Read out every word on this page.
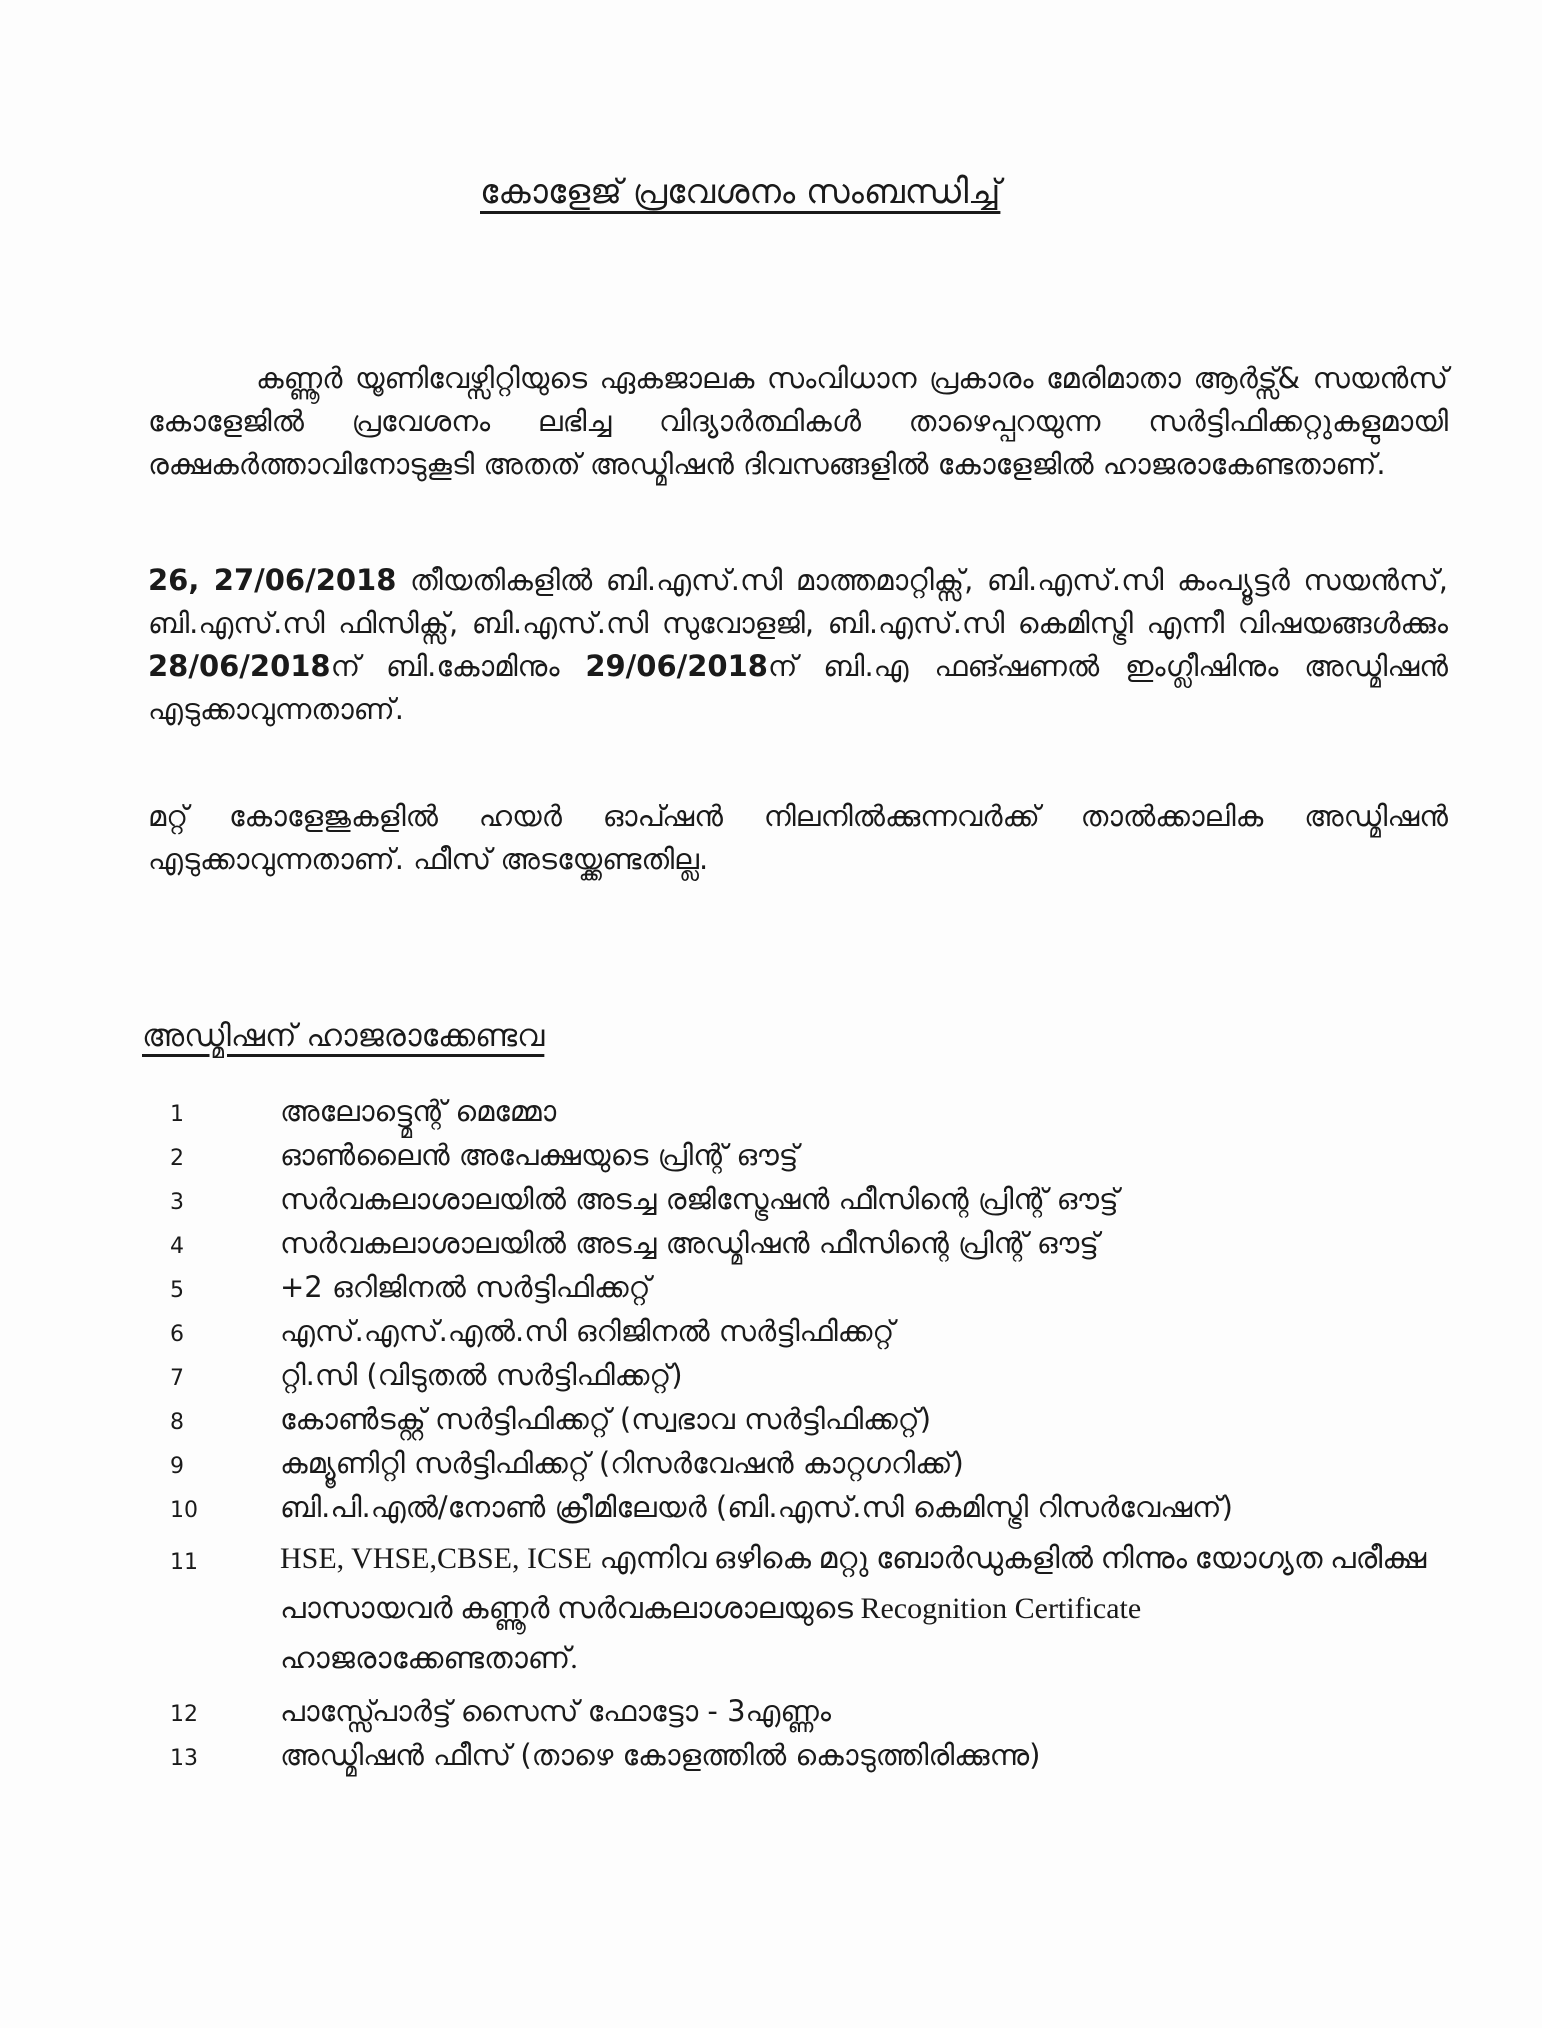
കോളേജ് പ്രവേശനം സംബന്ധിച്ച്

കണ്ണൂർ യൂണിവേഴ്സിറ്റിയുടെ ഏകജാലക സംവിധാന പ്രകാരം മേരിമാതാ ആർട്സ്& സയൻസ് കോളേജിൽ പ്രവേശനം ലഭിച്ച വിദ്യാർത്ഥികൾ താഴെപ്പറയുന്ന സർട്ടിഫിക്കറ്റുകളുമായി രക്ഷകർത്താവിനോടുകൂടി അതത് അഡ്മിഷൻ ദിവസങ്ങളിൽ കോളേജിൽ ഹാജരാകേണ്ടതാണ്.

26, 27/06/2018 തീയതികളിൽ ബി.എസ്.സി മാത്തമാറ്റിക്സ്, ബി.എസ്.സി കംപ്യൂട്ടർ സയൻസ്, ബി.എസ്.സി ഫിസിക്സ്, ബി.എസ്.സി സുവോളജി, ബി.എസ്.സി കെമിസ്ട്രി എന്നീ വിഷയങ്ങൾക്കും 28/06/2018ന് ബി.കോമിനും 29/06/2018ന് ബി.എ ഫങ്ഷണൽ ഇംഗ്ലീഷിനും അഡ്മിഷൻ എടുക്കാവുന്നതാണ്.

മറ്റ് കോളേജുകളിൽ ഹയർ ഓപ്ഷൻ നിലനിൽക്കുന്നവർക്ക് താൽക്കാലിക അഡ്മിഷൻ എടുക്കാവുന്നതാണ്. ഫീസ് അടയ്ക്കേണ്ടതില്ല.

അഡ്മിഷന് ഹാജരാക്കേണ്ടവ
1	അലോട്ട്മെന്റ് മെമ്മോ
2	ഓൺലൈൻ അപേക്ഷയുടെ പ്രിന്റ് ഔട്ട്
3	സർവകലാശാലയിൽ അടച്ച രജിസ്ട്രേഷൻ ഫീസിന്റെ പ്രിന്റ് ഔട്ട്
4	സർവകലാശാലയിൽ അടച്ച അഡ്മിഷൻ ഫീസിന്റെ പ്രിന്റ് ഔട്ട്
5	+2 ഒറിജിനൽ സർട്ടിഫിക്കറ്റ്
6	എസ്.എസ്.എൽ.സി ഒറിജിനൽ സർട്ടിഫിക്കറ്റ്
7	റ്റി.സി (വിടുതൽ സർട്ടിഫിക്കറ്റ്)
8	കോൺടക്റ്റ് സർട്ടിഫിക്കറ്റ് (സ്വഭാവ സർട്ടിഫിക്കറ്റ്)
9	കമ്യൂണിറ്റി സർട്ടിഫിക്കറ്റ് (റിസർവേഷൻ കാറ്റഗറിക്ക്)
10	ബി.പി.എൽ/നോൺ ക്രീമിലേയർ (ബി.എസ്.സി കെമിസ്ട്രി റിസർവേഷന്)
11	HSE, VHSE,CBSE, ICSE എന്നിവ ഒഴികെ മറ്റു ബോർഡുകളിൽ നിന്നും യോഗ്യത പരീക്ഷ പാസായവർ കണ്ണൂർ സർവകലാശാലയുടെ Recognition Certificate ഹാജരാക്കേണ്ടതാണ്.
12	പാസ്സ്പോർട്ട് സൈസ് ഫോട്ടോ - 3എണ്ണം
13	അഡ്മിഷൻ ഫീസ് (താഴെ കോളത്തിൽ കൊടുത്തിരിക്കുന്നു)
